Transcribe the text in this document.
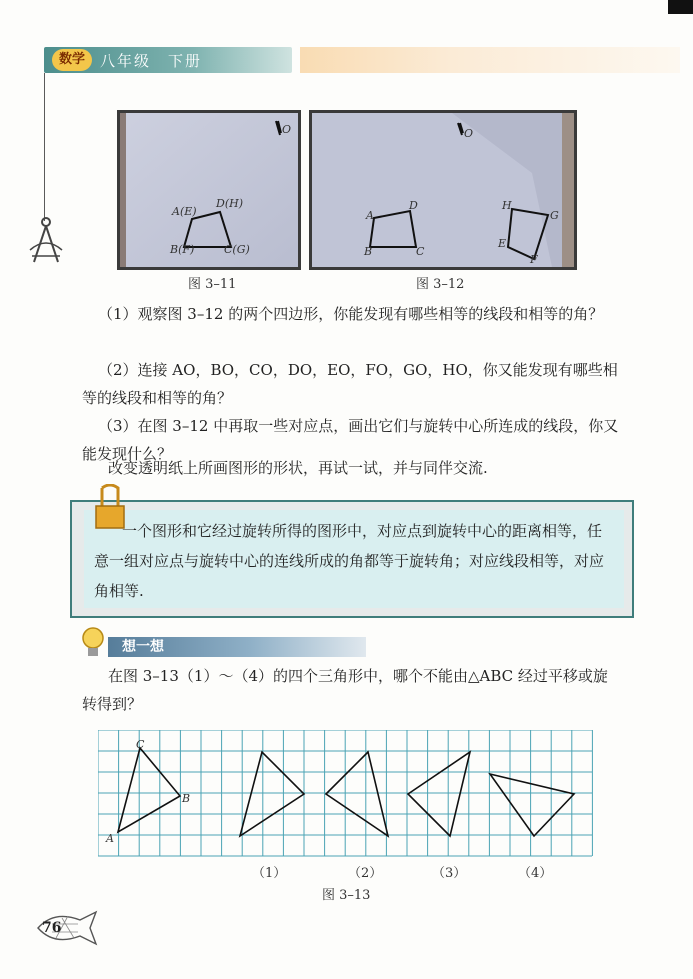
数学	八年级　下册
O
A(E)
D(H)
B(F)	C(G)
图 3–11
O
A
D
B	C
H
G
E
F
图 3–12
（1）观察图 3–12 的两个四边形，你能发现有哪些相等的线段和相等的角？
（2）连接 AO，BO，CO，DO，EO，FO，GO，HO，你又能发现有哪些相等的线段和相等的角？
（3）在图 3–12 中再取一些对应点，画出它们与旋转中心所连成的线段，你又能发现什么？
改变透明纸上所画图形的形状，再试一试，并与同伴交流.
一个图形和它经过旋转所得的图形中，对应点到旋转中心的距离相等，任意一组对应点与旋转中心的连线所成的角都等于旋转角；对应线段相等，对应角相等.
想一想
在图 3–13（1）～（4）的四个三角形中，哪个不能由△ABC 经过平移或旋转得到？
C
B
A
（1）	（2）	（3）	（4）
图 3–13
76
